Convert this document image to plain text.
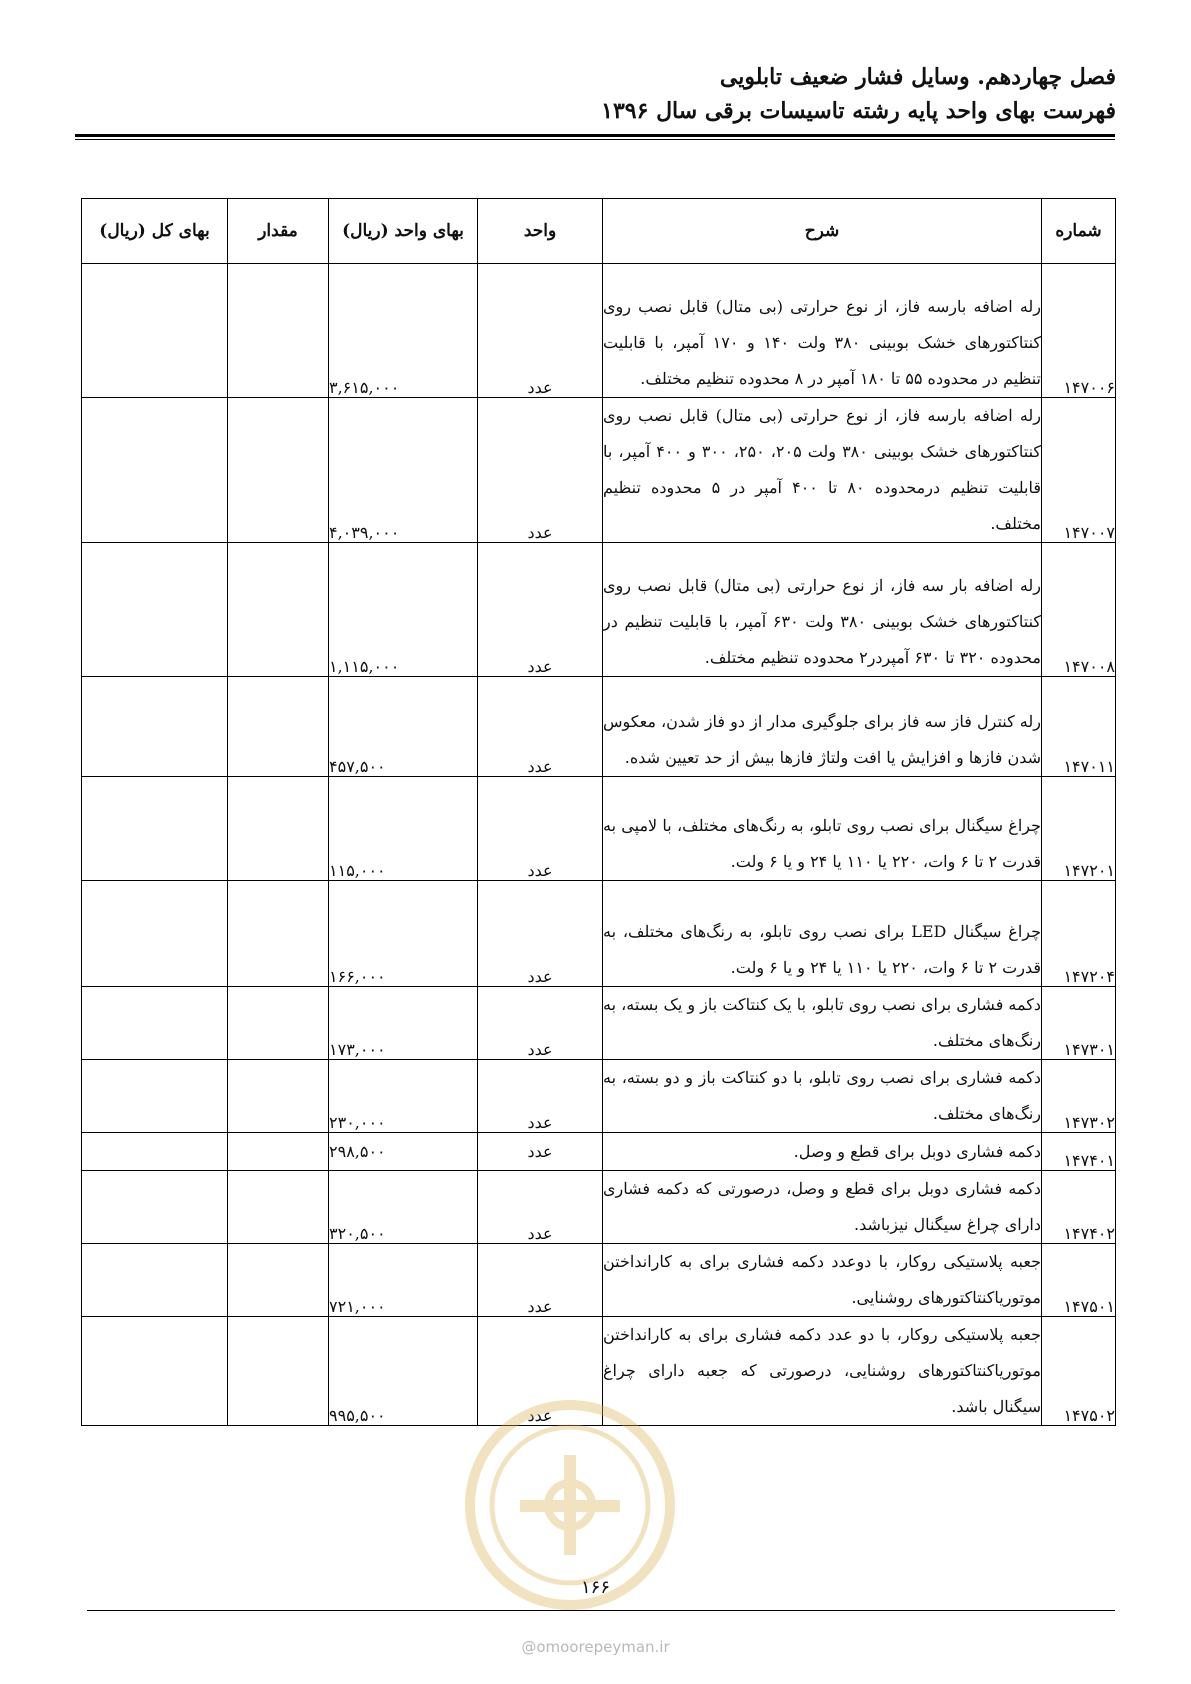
فصل چهاردهم. وسایل فشار ضعیف تابلویی
فهرست بهای واحد پایه رشته تاسیسات برقی سال ۱۳۹۶
شماره	شرح	واحد	بهای واحد (ریال)	مقدار	بهای کل (ریال)
۱۴۷۰۰۶	رله اضافه بارسه فاز، از نوع حرارتی (بی متال) قابل نصب روی کنتاکتورهای خشک بوبینی ۳۸۰ ولت ۱۴۰ و ۱۷۰ آمپر، با قابلیت تنظیم در محدوده ۵۵ تا ۱۸۰ آمپر در ۸ محدوده تنظیم مختلف.	عدد	۳,۶۱۵,۰۰۰		
۱۴۷۰۰۷	رله اضافه بارسه فاز، از نوع حرارتی (بی متال) قابل نصب روی کنتاکتورهای خشک بوبینی ۳۸۰ ولت ۲۰۵، ۲۵۰، ۳۰۰ و ۴۰۰ آمپر، با قابلیت تنظیم درمحدوده ۸۰ تا ۴۰۰ آمپر در ۵ محدوده تنظیم مختلف.	عدد	۴,۰۳۹,۰۰۰		
۱۴۷۰۰۸	رله اضافه بار سه فاز، از نوع حرارتی (بی متال) قابل نصب روی کنتاکتورهای خشک بوبینی ۳۸۰ ولت ۶۳۰ آمپر، با قابلیت تنظیم در محدوده ۳۲۰ تا ۶۳۰ آمپردر۲ محدوده تنظیم مختلف.	عدد	۱,۱۱۵,۰۰۰		
۱۴۷۰۱۱	رله کنترل فاز سه فاز برای جلوگیری مدار از دو فاز شدن، معکوس شدن فازها و افزایش یا افت ولتاژ فازها بیش از حد تعیین شده.	عدد	۴۵۷,۵۰۰		
۱۴۷۲۰۱	چراغ سیگنال برای نصب روی تابلو، به رنگ‌های مختلف، با لامپی به قدرت ۲ تا ۶ وات، ۲۲۰ یا ۱۱۰ یا ۲۴ و یا ۶ ولت.	عدد	۱۱۵,۰۰۰		
۱۴۷۲۰۴	چراغ سیگنال LED برای نصب روی تابلو، به رنگ‌های مختلف، به قدرت ۲ تا ۶ وات، ۲۲۰ یا ۱۱۰ یا ۲۴ و یا ۶ ولت.	عدد	۱۶۶,۰۰۰		
۱۴۷۳۰۱	دکمه فشاری برای نصب روی تابلو، با یک کنتاکت باز و یک بسته، به رنگ‌های مختلف.	عدد	۱۷۳,۰۰۰		
۱۴۷۳۰۲	دکمه فشاری برای نصب روی تابلو، با دو کنتاکت باز و دو بسته، به رنگ‌های مختلف.	عدد	۲۳۰,۰۰۰		
۱۴۷۴۰۱	دکمه فشاری دوبل برای قطع و وصل.	عدد	۲۹۸,۵۰۰		
۱۴۷۴۰۲	دکمه فشاری دوبل برای قطع و وصل، درصورتی که دکمه فشاری دارای چراغ سیگنال نیزباشد.	عدد	۳۲۰,۵۰۰		
۱۴۷۵۰۱	جعبه پلاستیکی روکار، با دوعدد دکمه فشاری برای به کارانداختن موتوریاکنتاکتورهای روشنایی.	عدد	۷۲۱,۰۰۰		
۱۴۷۵۰۲	جعبه پلاستیکی روکار، با دو عدد دکمه فشاری برای به کارانداختن موتوریاکنتاکتورهای روشنایی، درصورتی که جعبه دارای چراغ سیگنال باشد.	عدد	۹۹۵,۵۰۰		
۱۶۶
@omoorepeyman.ir
